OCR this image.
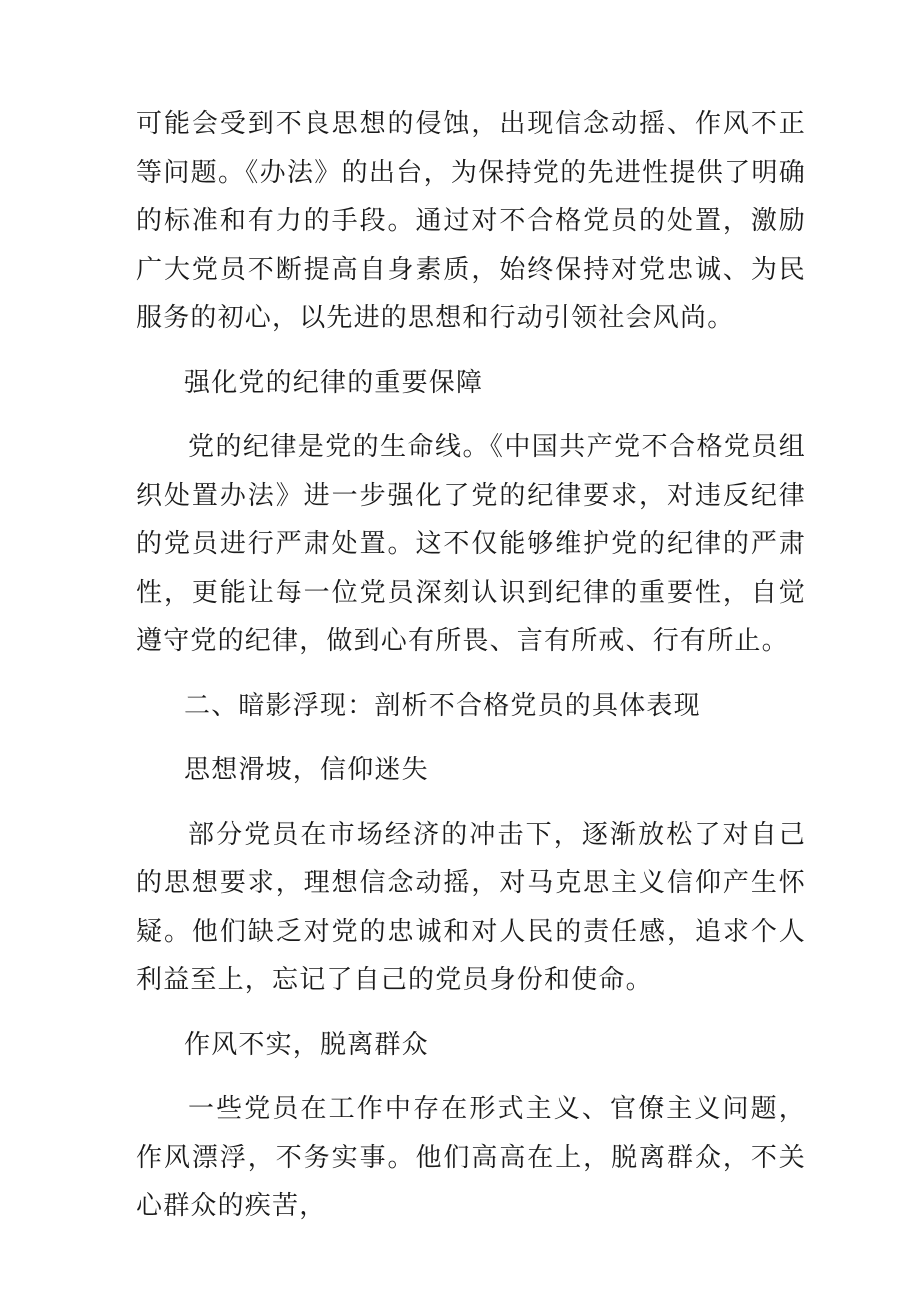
可能会受到不良思想的侵蚀，出现信念动摇、作风不正等问题。《办法》的出台，为保持党的先进性提供了明确的标准和有力的手段。通过对不合格党员的处置，激励广大党员不断提高自身素质，始终保持对党忠诚、为民服务的初心，以先进的思想和行动引领社会风尚。

强化党的纪律的重要保障

党的纪律是党的生命线。《中国共产党不合格党员组织处置办法》进一步强化了党的纪律要求，对违反纪律的党员进行严肃处置。这不仅能够维护党的纪律的严肃性，更能让每一位党员深刻认识到纪律的重要性，自觉遵守党的纪律，做到心有所畏、言有所戒、行有所止。

二、暗影浮现：剖析不合格党员的具体表现

思想滑坡，信仰迷失

部分党员在市场经济的冲击下，逐渐放松了对自己的思想要求，理想信念动摇，对马克思主义信仰产生怀疑。他们缺乏对党的忠诚和对人民的责任感，追求个人利益至上，忘记了自己的党员身份和使命。

作风不实，脱离群众

一些党员在工作中存在形式主义、官僚主义问题，作风漂浮，不务实事。他们高高在上，脱离群众，不关心群众的疾苦，
